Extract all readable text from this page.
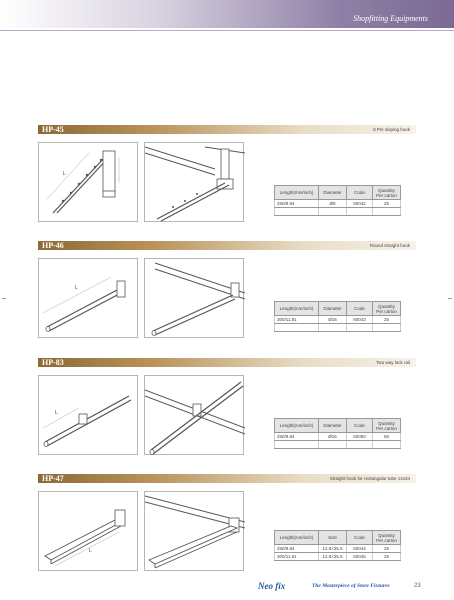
Shopfitting Equipments
HP-45	6 Pin sloping hook
L
Length(mm/inch)	Diameter	Code	Quantity
Per carton
250/9.84	Ø9	60042	25

HP-46	Round straight hook
L
Length(mm/inch)	Diameter	Code	Quantity
Per carton
300/11.81	Ø16	60043	25

HP-83	Two way lock rail
L
Length(mm/inch)	Diameter	Code	Quantity
Per carton
250/9.84	Ø16	60050	50

HP-47	Straight hook for rectangular tube 14x34
L
Length(mm/inch)	Size	Code	Quantity
Per carton
250/9.84	12.8×25.5	60044	25
300/11.81	12.8×25.5	60045	25
Neo fix	The Masterpiece of Store Fixtures	23
